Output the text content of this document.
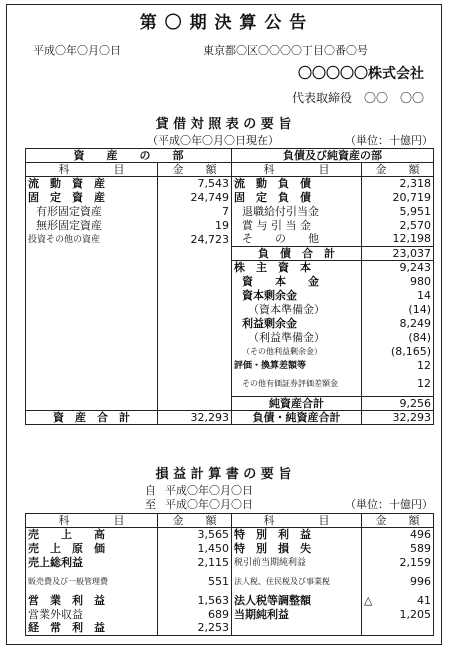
第 〇 期 決 算 公 告
平成〇年〇月〇日	東京都〇区〇〇〇〇丁目〇番〇号
〇〇〇〇〇株式会社
代表取締役　〇〇　〇〇
貸 借 対 照 表 の 要 旨
（平成〇年〇月〇日現在）	（単位：十億円）
資　　産　　の　　部		負債及び純資産の部	
科　　　　目	金　　額	科　　　　目	金　　額
流　動　資　産	7,543	流　動　負　債	2,318
固　定　資　産	24,749	固　定　負　債	20,719
有形固定資産	7	退職給付引当金	5,951
無形固定資産	19	賞 与 引 当 金	2,570
投資その他の資産	24,723	そ　　の　　他	12,198
		負　債　合　計	23,037
		株　主　資　本	9,243
		資　　本　　金	980
		資本剰余金	14
		（資本準備金）	(14)
		利益剰余金	8,249
		（利益準備金）	(84)
		（その他利益剰余金）	(8,165)
		評価・換算差額等	12
		その他有価証券評価差額金	12
		純資産合計	9,256
資　産　合　計	32,293	負債・純資産合計	32,293
損 益 計 算 書 の 要 旨
自 平成〇年〇月〇日
至 平成〇年〇月〇日	（単位：十億円）
科　　　　目	金　　額	科　　　　目	金　　額
売　　上　　高	3,565	特　別　利　益	496
売　上　原　価	1,450	特　別　損　失	589
売上総利益	2,115	税引前当期純利益	2,159
販売費及び一般管理費	551	法人税、住民税及び事業税	996
営　業　利　益	1,563	法人税等調整額	△ 41
営業外収益	689	当期純利益	1,205
経　常　利　益	2,253		
